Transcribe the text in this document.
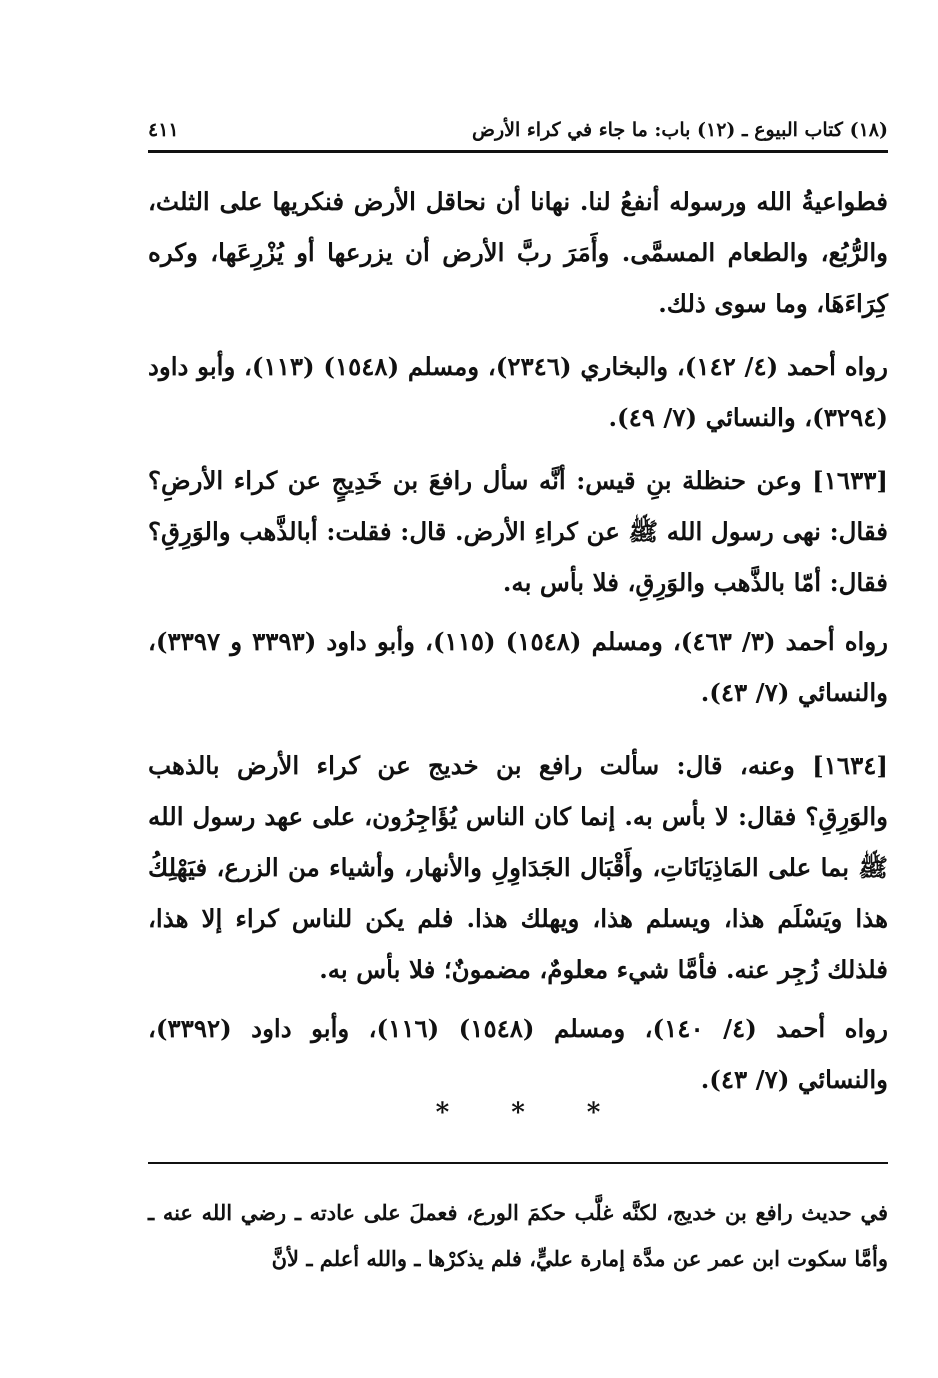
(١٨) كتاب البيوع ـ (١٢) باب: ما جاء في كراء الأرض
٤١١

فطواعيةُ الله ورسوله أنفعُ لنا. نهانا أن نحاقل الأرض فنكريها على الثلث، والرُّبُع، والطعام المسمَّى. وأَمَرَ ربَّ الأرض أن يزرعها أو يُزْرِعَها، وكره كِرَاءَهَا، وما سوى ذلك.

رواه أحمد (٤/ ١٤٢)، والبخاري (٢٣٤٦)، ومسلم (١٥٤٨) (١١٣)، وأبو داود (٣٢٩٤)، والنسائي (٧/ ٤٩).

[١٦٣٣] وعن حنظلة بنِ قيس: أنَّه سأل رافعَ بن خَدِيجٍ عن كراء الأرضِ؟ فقال: نهى رسول الله ﷺ عن كراءِ الأرض. قال: فقلت: أبالذَّهب والوَرِقِ؟ فقال: أمّا بالذَّهب والوَرِقِ، فلا بأس به.

رواه أحمد (٣/ ٤٦٣)، ومسلم (١٥٤٨) (١١٥)، وأبو داود (٣٣٩٣ و ٣٣٩٧)، والنسائي (٧/ ٤٣).

[١٦٣٤] وعنه، قال: سألت رافع بن خديج عن كراء الأرض بالذهب والوَرِقِ؟ فقال: لا بأس به. إنما كان الناس يُؤَاجِرُون، على عهد رسول الله ﷺ بما على المَاذِيَانَاتِ، وأَقْبَال الجَدَاوِلِ والأنهار، وأشياء من الزرع، فيَهْلِكُ هذا ويَسْلَم هذا، ويسلم هذا، ويهلك هذا. فلم يكن للناس كراء إلا هذا، فلذلك زُجِر عنه. فأمَّا شيء معلومٌ، مضمونٌ؛ فلا بأس به.

رواه أحمد (٤/ ١٤٠)، ومسلم (١٥٤٨) (١١٦)، وأبو داود (٣٣٩٢)، والنسائي (٧/ ٤٣).

* * *

في حديث رافع بن خديج، لكنَّه غلَّب حكمَ الورع، فعملَ على عادته ـ رضي الله عنه ـ وأمَّا سكوت ابن عمر عن مدَّة إمارة عليٍّ، فلم يذكرْها ـ والله أعلم ـ لأنَّ
